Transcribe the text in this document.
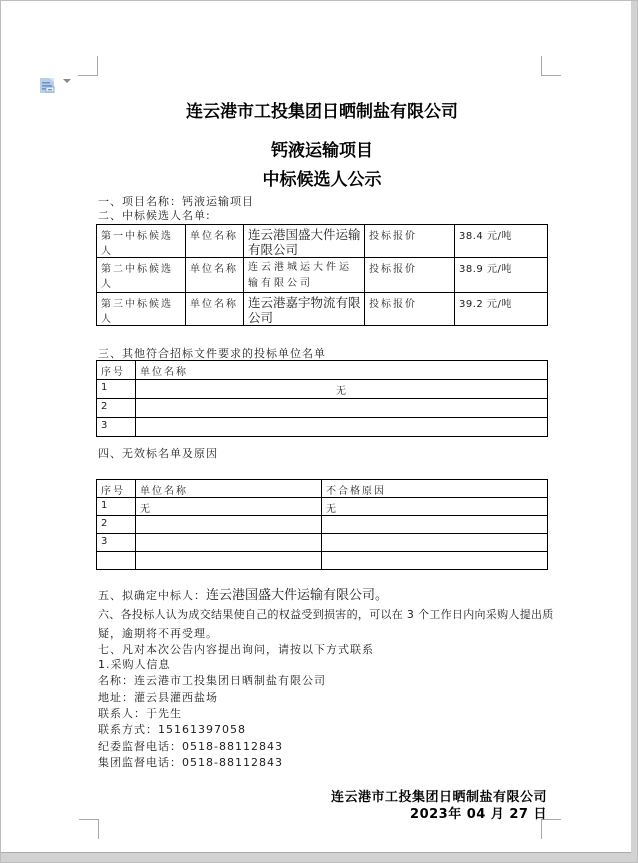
连云港市工投集团日晒制盐有限公司
钙液运输项目
中标候选人公示
一、项目名称：钙液运输项目
二、中标候选人名单:
第一中标候选人	单位名称	连云港国盛大件运输有限公司	投标报价	38.4 元/吨
第二中标候选人	单位名称	连云港城运大件运输有限公司	投标报价	38.9 元/吨
第三中标候选人	单位名称	连云港嘉宇物流有限公司	投标报价	39.2 元/吨
三、其他符合招标文件要求的投标单位名单
序号	单位名称
1	无
2	
3	
四、无效标名单及原因
序号	单位名称	不合格原因
1	无	无
2		
3		

五、拟确定中标人：连云港国盛大件运输有限公司。
六、各投标人认为成交结果使自己的权益受到损害的，可以在 3 个工作日内向采购人提出质
疑，逾期将不再受理。
七、凡对本次公告内容提出询问，请按以下方式联系
1.采购人信息
名称：连云港市工投集团日晒制盐有限公司
地址：灌云县灌西盐场
联系人：于先生
联系方式：15161397058
纪委监督电话：0518-88112843
集团监督电话：0518-88112843
连云港市工投集团日晒制盐有限公司
2023年 04 月 27 日
